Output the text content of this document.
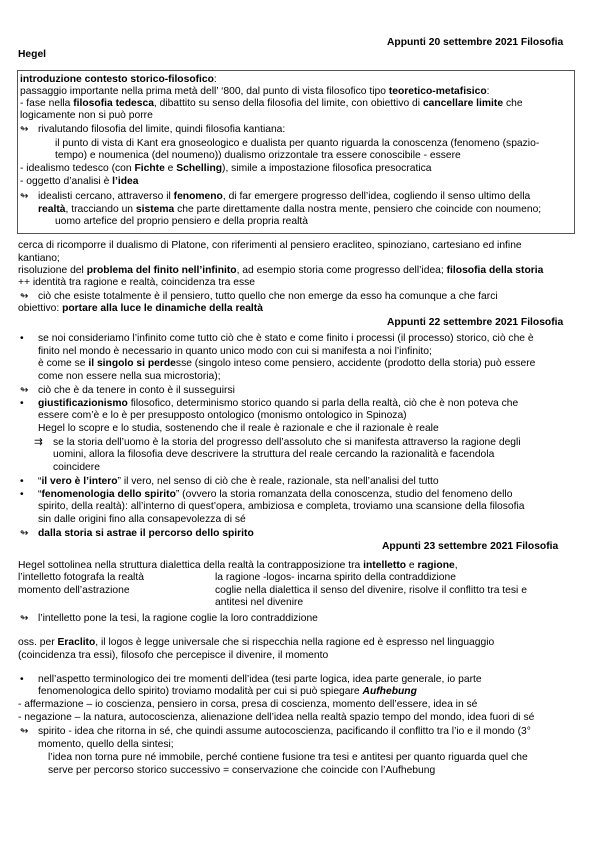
Appunti 20 settembre 2021 Filosofia
Hegel
introduzione contesto storico-filosofico:
passaggio importante nella prima metà dell’ ‘800, dal punto di vista filosofico tipo teoretico-metafisico:
- fase nella filosofia tedesca, dibattito su senso della filosofia del limite, con obiettivo di cancellare limite che
logicamente non si può porre
↬ rivalutando filosofia del limite, quindi filosofia kantiana:
il punto di vista di Kant era gnoseologico e dualista per quanto riguarda la conoscenza (fenomeno (spazio-
tempo) e noumenica (del noumeno)) dualismo orizzontale tra essere conoscibile - essere
- idealismo tedesco (con Fichte e Schelling), simile a impostazione filosofica presocratica
- oggetto d’analisi è l’idea
↬ idealisti cercano, attraverso il fenomeno, di far emergere progresso dell’idea, cogliendo il senso ultimo della
realtà, tracciando un sistema che parte direttamente dalla nostra mente, pensiero che coincide con noumeno;
uomo artefice del proprio pensiero e della propria realtà
cerca di ricomporre il dualismo di Platone, con riferimenti al pensiero eracliteo, spinoziano, cartesiano ed infine
kantiano;
risoluzione del problema del finito nell’infinito, ad esempio storia come progresso dell’idea; filosofia della storia
++ identità tra ragione e realtà, coincidenza tra esse
↬ ciò che esiste totalmente è il pensiero, tutto quello che non emerge da esso ha comunque a che farci
obiettivo: portare alla luce le dinamiche della realtà
Appunti 22 settembre 2021 Filosofia
• se noi consideriamo l’infinito come tutto ciò che è stato e come finito i processi (il processo) storico, ciò che è
finito nel mondo è necessario in quanto unico modo con cui si manifesta a noi l’infinito;
è come se il singolo si perdesse (singolo inteso come pensiero, accidente (prodotto della storia) può essere
come non essere nella sua microstoria);
↬ ciò che è da tenere in conto è il susseguirsi
• giustificazionismo filosofico, determinismo storico quando si parla della realtà, ciò che è non poteva che
essere com’è e lo è per presupposto ontologico (monismo ontologico in Spinoza)
Hegel lo scopre e lo studia, sostenendo che il reale è razionale e che il razionale è reale
⇉ se la storia dell’uomo è la storia del progresso dell’assoluto che si manifesta attraverso la ragione degli
uomini, allora la filosofia deve descrivere la struttura del reale cercando la razionalità e facendola
coincidere
• “il vero è l’intero” il vero, nel senso di ciò che è reale, razionale, sta nell’analisi del tutto
• “fenomenologia dello spirito” (ovvero la storia romanzata della conoscenza, studio del fenomeno dello
spirito, della realtà): all’interno di quest’opera, ambiziosa e completa, troviamo una scansione della filosofia
sin dalle origini fino alla consapevolezza di sé
↬ dalla storia si astrae il percorso dello spirito
Appunti 23 settembre 2021 Filosofia
Hegel sottolinea nella struttura dialettica della realtà la contrapposizione tra intelletto e ragione,
l’intelletto fotografa la realtà
momento dell’astrazione
la ragione -logos- incarna spirito della contraddizione
coglie nella dialettica il senso del divenire, risolve il conflitto tra tesi e
antitesi nel divenire
↬ l’intelletto pone la tesi, la ragione coglie la loro contraddizione
oss. per Eraclito, il logos è legge universale che si rispecchia nella ragione ed è espresso nel linguaggio
(coincidenza tra essi), filosofo che percepisce il divenire, il momento
• nell’aspetto terminologico dei tre momenti dell’idea (tesi parte logica, idea parte generale, io parte
fenomenologica dello spirito) troviamo modalità per cui si può spiegare Aufhebung
- affermazione – io coscienza, pensiero in corsa, presa di coscienza, momento dell’essere, idea in sé
- negazione – la natura, autocoscienza, alienazione dell’idea nella realtà spazio tempo del mondo, idea fuori di sé
↬ spirito - idea che ritorna in sé, che quindi assume autocoscienza, pacificando il conflitto tra l’io e il mondo (3°
momento, quello della sintesi;
l’idea non torna pure né immobile, perché contiene fusione tra tesi e antitesi per quanto riguarda quel che
serve per percorso storico successivo = conservazione che coincide con l’Aufhebung
